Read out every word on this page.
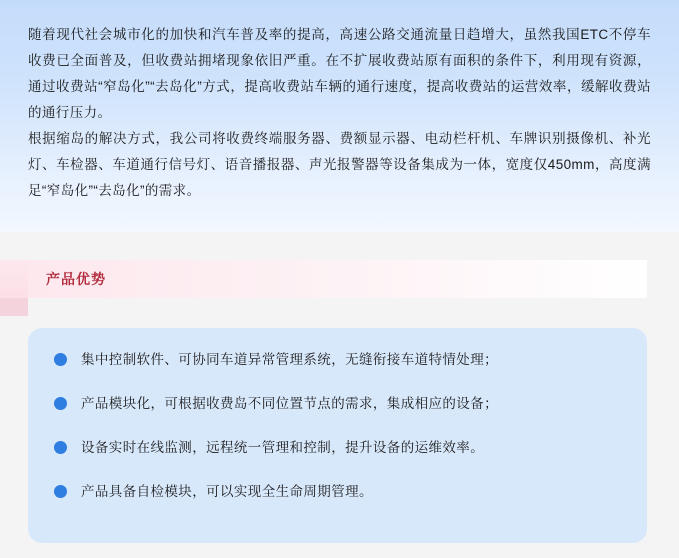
随着现代社会城市化的加快和汽车普及率的提高，高速公路交通流量日趋增大，虽然我国ETC不停车收费已全面普及，但收费站拥堵现象依旧严重。在不扩展收费站原有面积的条件下，利用现有资源，通过收费站“窄岛化”“去岛化”方式，提高收费站车辆的通行速度，提高收费站的运营效率，缓解收费站的通行压力。

根据缩岛的解决方式，我公司将收费终端服务器、费额显示器、电动栏杆机、车牌识别摄像机、补光灯、车检器、车道通行信号灯、语音播报器、声光报警器等设备集成为一体，宽度仅450mm，高度满足“窄岛化”“去岛化”的需求。

产品优势
集中控制软件、可协同车道异常管理系统，无缝衔接车道特情处理；
产品模块化，可根据收费岛不同位置节点的需求，集成相应的设备；
设备实时在线监测，远程统一管理和控制，提升设备的运维效率。
产品具备自检模块，可以实现全生命周期管理。
